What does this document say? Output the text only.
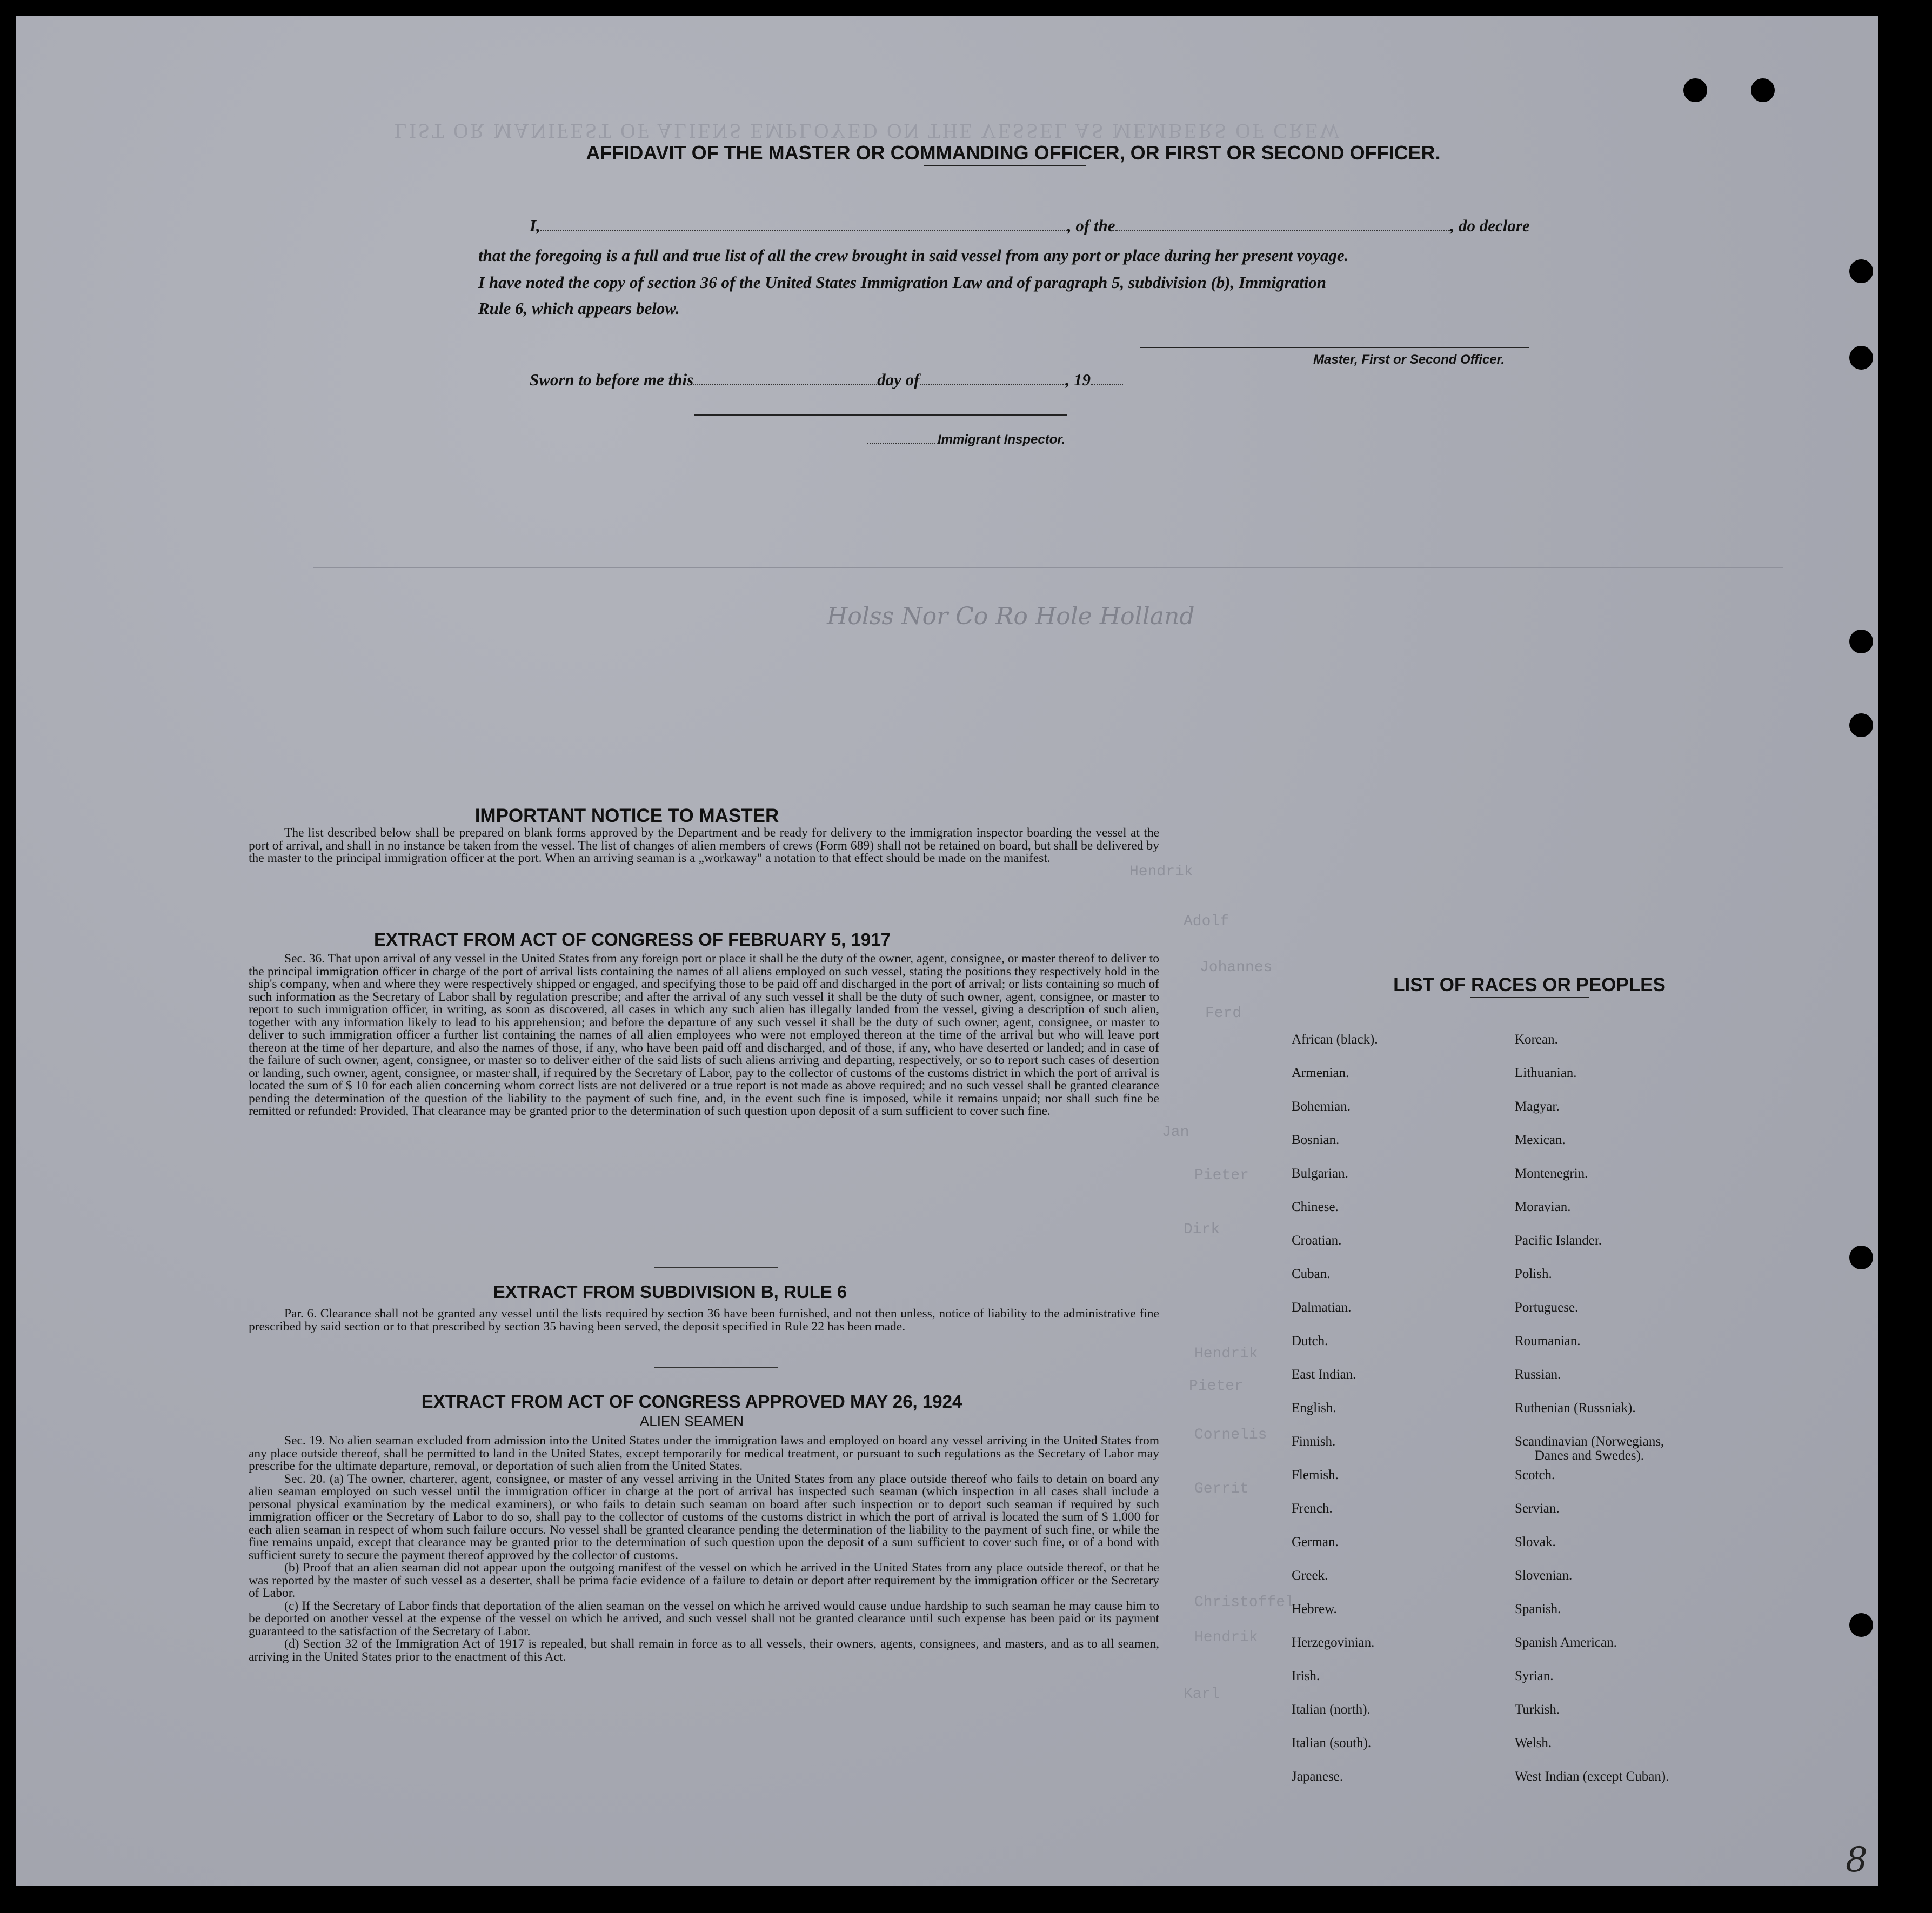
LIST OR MANIFEST OF ALIENS EMPLOYED ON THE VESSEL AS MEMBERS OF CREW
Holss Nor Co Ro Hole Holland
Hendrik
Adolf
Johannes
Ferd
Jan
Pieter
Dirk
Hendrik
Pieter
Cornelis
Gerrit
Christoffel
Hendrik
Karl
AFFIDAVIT OF THE MASTER OR COMMANDING OFFICER, OR FIRST OR SECOND OFFICER.
I,	, of the	, do declare
that the foregoing is a full and true list of all the crew brought in said vessel from any port or place during her present voyage.
I have noted the copy of section 36 of the United States Immigration Law and of paragraph 5, subdivision (b), Immigration
Rule 6, which appears below.
Master, First or Second Officer.
Sworn to before me this	day of	, 19
Immigrant Inspector.
IMPORTANT NOTICE TO MASTER

The list described below shall be prepared on blank forms approved by the Department and be ready for delivery to the immigration inspector boarding the vessel at the port of arrival, and shall in no instance be taken from the vessel. The list of changes of alien members of crews (Form 689) shall not be retained on board, but shall be delivered by the master to the principal immigration officer at the port. When an arriving seaman is a „workaway" a notation to that effect should be made on the manifest.

EXTRACT FROM ACT OF CONGRESS OF FEBRUARY 5, 1917

Sec. 36. That upon arrival of any vessel in the United States from any foreign port or place it shall be the duty of the owner, agent, consignee, or master thereof to deliver to the principal immigration officer in charge of the port of arrival lists containing the names of all aliens employed on such vessel, stating the positions they respectively hold in the ship's company, when and where they were respectively shipped or engaged, and specifying those to be paid off and discharged in the port of arrival; or lists containing so much of such information as the Secretary of Labor shall by regulation prescribe; and after the arrival of any such vessel it shall be the duty of such owner, agent, consignee, or master to report to such immigration officer, in writing, as soon as discovered, all cases in which any such alien has illegally landed from the vessel, giving a description of such alien, together with any information likely to lead to his apprehension; and before the departure of any such vessel it shall be the duty of such owner, agent, consignee, or master to deliver to such immigration officer a further list containing the names of all alien employees who were not employed thereon at the time of the arrival but who will leave port thereon at the time of her departure, and also the names of those, if any, who have been paid off and discharged, and of those, if any, who have deserted or landed; and in case of the failure of such owner, agent, consignee, or master so to deliver either of the said lists of such aliens arriving and departing, respectively, or so to report such cases of desertion or landing, such owner, agent, consignee, or master shall, if required by the Secretary of Labor, pay to the collector of customs of the customs district in which the port of arrival is located the sum of $ 10 for each alien concerning whom correct lists are not delivered or a true report is not made as above required; and no such vessel shall be granted clearance pending the determination of the question of the liability to the payment of such fine, and, in the event such fine is imposed, while it remains unpaid; nor shall such fine be remitted or refunded: Provided, That clearance may be granted prior to the determination of such question upon deposit of a sum sufficient to cover such fine.

EXTRACT FROM SUBDIVISION B, RULE 6

Par. 6. Clearance shall not be granted any vessel until the lists required by section 36 have been furnished, and not then unless, notice of liability to the administrative fine prescribed by said section or to that prescribed by section 35 having been served, the deposit specified in Rule 22 has been made.

EXTRACT FROM ACT OF CONGRESS APPROVED MAY 26, 1924
ALIEN SEAMEN

Sec. 19. No alien seaman excluded from admission into the United States under the immigration laws and employed on board any vessel arriving in the United States from any place outside thereof, shall be permitted to land in the United States, except temporarily for medical treatment, or pursuant to such regulations as the Secretary of Labor may prescribe for the ultimate departure, removal, or deportation of such alien from the United States.

Sec. 20. (a) The owner, charterer, agent, consignee, or master of any vessel arriving in the United States from any place outside thereof who fails to detain on board any alien seaman employed on such vessel until the immigration officer in charge at the port of arrival has inspected such seaman (which inspection in all cases shall include a personal physical examination by the medical examiners), or who fails to detain such seaman on board after such inspection or to deport such seaman if required by such immigration officer or the Secretary of Labor to do so, shall pay to the collector of customs of the customs district in which the port of arrival is located the sum of $ 1,000 for each alien seaman in respect of whom such failure occurs. No vessel shall be granted clearance pending the determination of the liability to the payment of such fine, or while the fine remains unpaid, except that clearance may be granted prior to the determination of such question upon the deposit of a sum sufficient to cover such fine, or of a bond with sufficient surety to secure the payment thereof approved by the collector of customs.

(b) Proof that an alien seaman did not appear upon the outgoing manifest of the vessel on which he arrived in the United States from any place outside thereof, or that he was reported by the master of such vessel as a deserter, shall be prima facie evidence of a failure to detain or deport after requirement by the immigration officer or the Secretary of Labor.

(c) If the Secretary of Labor finds that deportation of the alien seaman on the vessel on which he arrived would cause undue hardship to such seaman he may cause him to be deported on another vessel at the expense of the vessel on which he arrived, and such vessel shall not be granted clearance until such expense has been paid or its payment guaranteed to the satisfaction of the Secretary of Labor.

(d) Section 32 of the Immigration Act of 1917 is repealed, but shall remain in force as to all vessels, their owners, agents, consignees, and masters, and as to all seamen, arriving in the United States prior to the enactment of this Act.

LIST OF RACES OR PEOPLES
African (black).
Armenian.
Bohemian.
Bosnian.
Bulgarian.
Chinese.
Croatian.
Cuban.
Dalmatian.
Dutch.
East Indian.
English.
Finnish.
Flemish.
French.
German.
Greek.
Hebrew.
Herzegovinian.
Irish.
Italian (north).
Italian (south).
Japanese.
Korean.
Lithuanian.
Magyar.
Mexican.
Montenegrin.
Moravian.
Pacific Islander.
Polish.
Portuguese.
Roumanian.
Russian.
Ruthenian (Russniak).
Scandinavian (Norwegians,
Danes and Swedes).
Scotch.
Servian.
Slovak.
Slovenian.
Spanish.
Spanish American.
Syrian.
Turkish.
Welsh.
West Indian (except Cuban).
8
